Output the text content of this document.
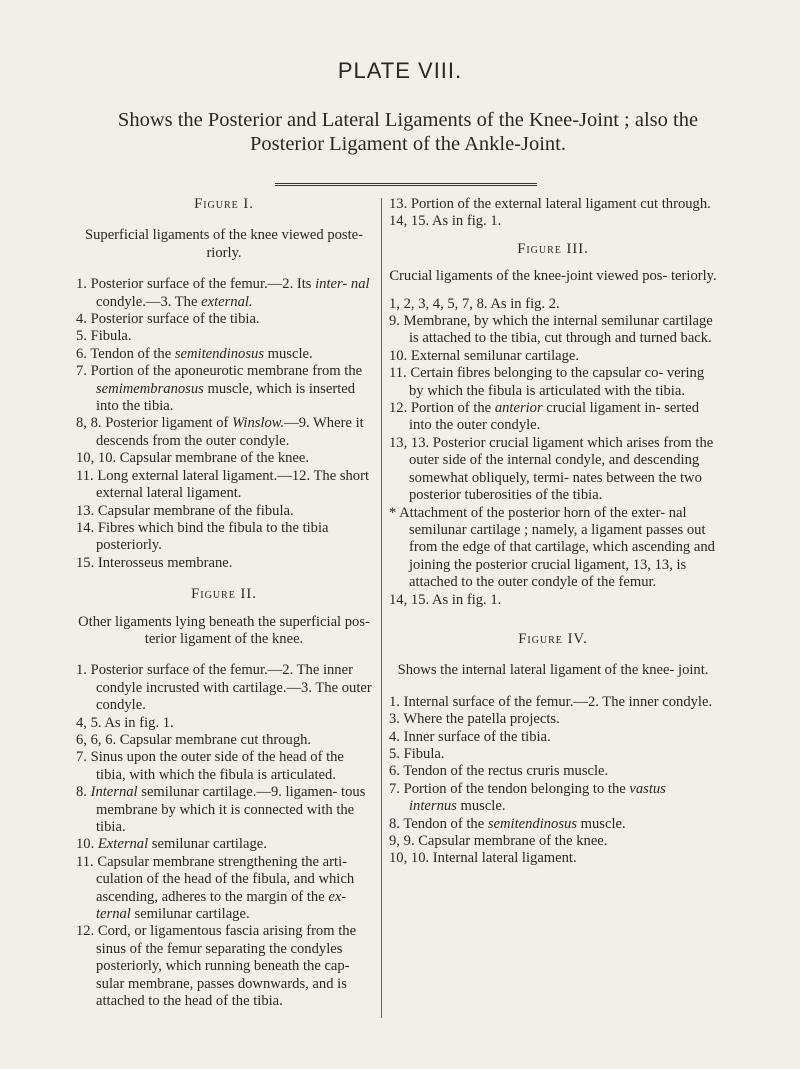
PLATE VIII.
Shows the Posterior and Lateral Ligaments of the Knee-Joint ; also the
Posterior Ligament of the Ankle-Joint.

Figure I.

Superficial ligaments of the knee viewed poste- riorly.

1. Posterior surface of the femur.—2. Its inter- nal condyle.—3. The external.

4. Posterior surface of the tibia.

5. Fibula.

6. Tendon of the semitendinosus muscle.

7. Portion of the aponeurotic membrane from the semimembranosus muscle, which is inserted into the tibia.

8, 8. Posterior ligament of Winslow.—9. Where it descends from the outer condyle.

10, 10. Capsular membrane of the knee.

11. Long external lateral ligament.—12. The short external lateral ligament.

13. Capsular membrane of the fibula.

14. Fibres which bind the fibula to the tibia posteriorly.

15. Interosseus membrane.

Figure II.

Other ligaments lying beneath the superficial pos- terior ligament of the knee.

1. Posterior surface of the femur.—2. The inner condyle incrusted with cartilage.—3. The outer condyle.

4, 5. As in fig. 1.

6, 6, 6. Capsular membrane cut through.

7. Sinus upon the outer side of the head of the tibia, with which the fibula is articulated.

8. Internal semilunar cartilage.—9. ligamen- tous membrane by which it is connected with the tibia.

10. External semilunar cartilage.

11. Capsular membrane strengthening the arti- culation of the head of the fibula, and which ascending, adheres to the margin of the ex- ternal semilunar cartilage.

12. Cord, or ligamentous fascia arising from the sinus of the femur separating the condyles posteriorly, which running beneath the cap- sular membrane, passes downwards, and is attached to the head of the tibia.

13. Portion of the external lateral ligament cut through.

14, 15. As in fig. 1.

Figure III.

Crucial ligaments of the knee-joint viewed pos- teriorly.

1, 2, 3, 4, 5, 7, 8. As in fig. 2.

9. Membrane, by which the internal semilunar cartilage is attached to the tibia, cut through and turned back.

10. External semilunar cartilage.

11. Certain fibres belonging to the capsular co- vering by which the fibula is articulated with the tibia.

12. Portion of the anterior crucial ligament in- serted into the outer condyle.

13, 13. Posterior crucial ligament which arises from the outer side of the internal condyle, and descending somewhat obliquely, termi- nates between the two posterior tuberosities of the tibia.

* Attachment of the posterior horn of the exter- nal semilunar cartilage ; namely, a ligament passes out from the edge of that cartilage, which ascending and joining the posterior crucial ligament, 13, 13, is attached to the outer condyle of the femur.

14, 15. As in fig. 1.

Figure IV.

Shows the internal lateral ligament of the knee- joint.

1. Internal surface of the femur.—2. The inner condyle.

3. Where the patella projects.

4. Inner surface of the tibia.

5. Fibula.

6. Tendon of the rectus cruris muscle.

7. Portion of the tendon belonging to the vastus internus muscle.

8. Tendon of the semitendinosus muscle.

9, 9. Capsular membrane of the knee.

10, 10. Internal lateral ligament.
